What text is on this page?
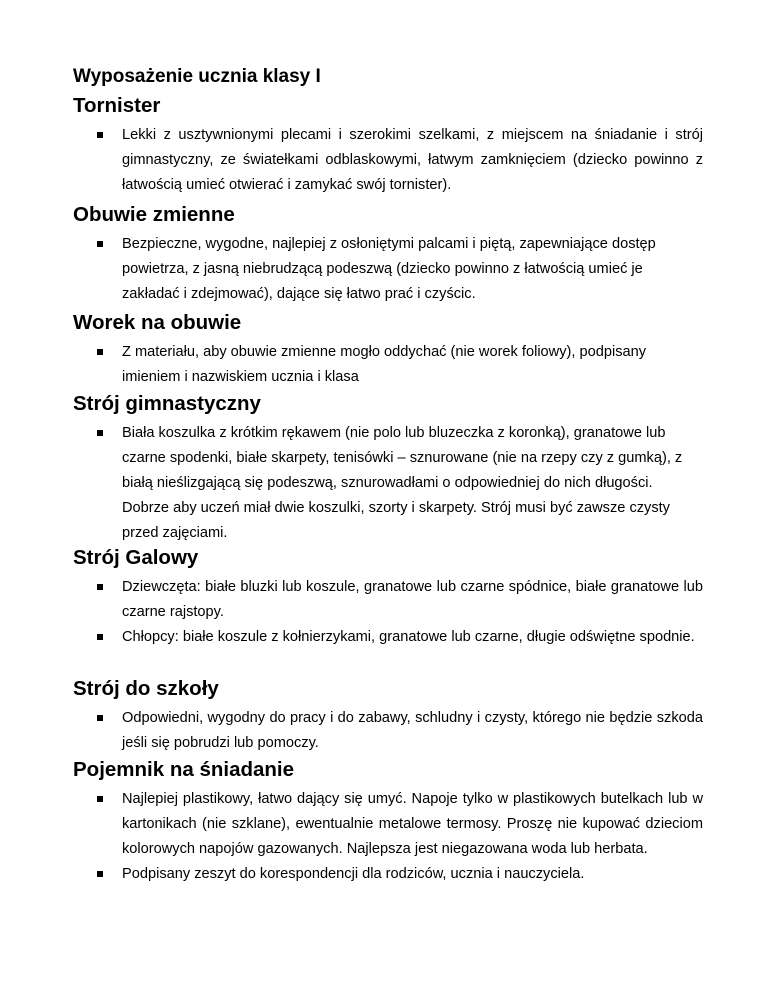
Wyposażenie ucznia klasy I
Tornister
Lekki z usztywnionymi plecami i szerokimi szelkami, z miejscem na śniadanie i strój gimnastyczny, ze światełkami odblaskowymi, łatwym zamknięciem (dziecko powinno z łatwością umieć otwierać i zamykać swój tornister).
Obuwie zmienne
Bezpieczne, wygodne, najlepiej z osłoniętymi palcami i piętą, zapewniające dostęp powietrza, z jasną niebrudzącą podeszwą (dziecko powinno z łatwością umieć je zakładać i zdejmować), dające się łatwo prać i czyścic.
Worek na obuwie
Z materiału, aby obuwie zmienne mogło oddychać (nie worek foliowy), podpisany imieniem i nazwiskiem ucznia i klasa
Strój gimnastyczny
Biała koszulka z krótkim rękawem (nie polo lub bluzeczka z koronką), granatowe lub czarne spodenki, białe skarpety, tenisówki – sznurowane (nie na rzepy czy z gumką), z białą nieślizgającą się podeszwą, sznurowadłami o odpowiedniej do nich długości. Dobrze aby uczeń miał dwie koszulki, szorty i skarpety. Strój musi być zawsze czysty przed zajęciami.
Strój Galowy
Dziewczęta: białe bluzki lub koszule, granatowe lub czarne spódnice, białe granatowe lub czarne rajstopy.
Chłopcy: białe koszule z kołnierzykami, granatowe lub czarne, długie odświętne spodnie.
Strój do szkoły
Odpowiedni, wygodny do pracy i do zabawy, schludny i czysty, którego nie będzie szkoda jeśli się pobrudzi lub pomoczy.
Pojemnik na śniadanie
Najlepiej plastikowy, łatwo dający się umyć. Napoje tylko w plastikowych butelkach lub w kartonikach (nie szklane), ewentualnie metalowe termosy. Proszę nie kupować dzieciom kolorowych napojów gazowanych. Najlepsza jest niegazowana woda lub herbata.
Podpisany zeszyt do korespondencji dla rodziców, ucznia i nauczyciela.
